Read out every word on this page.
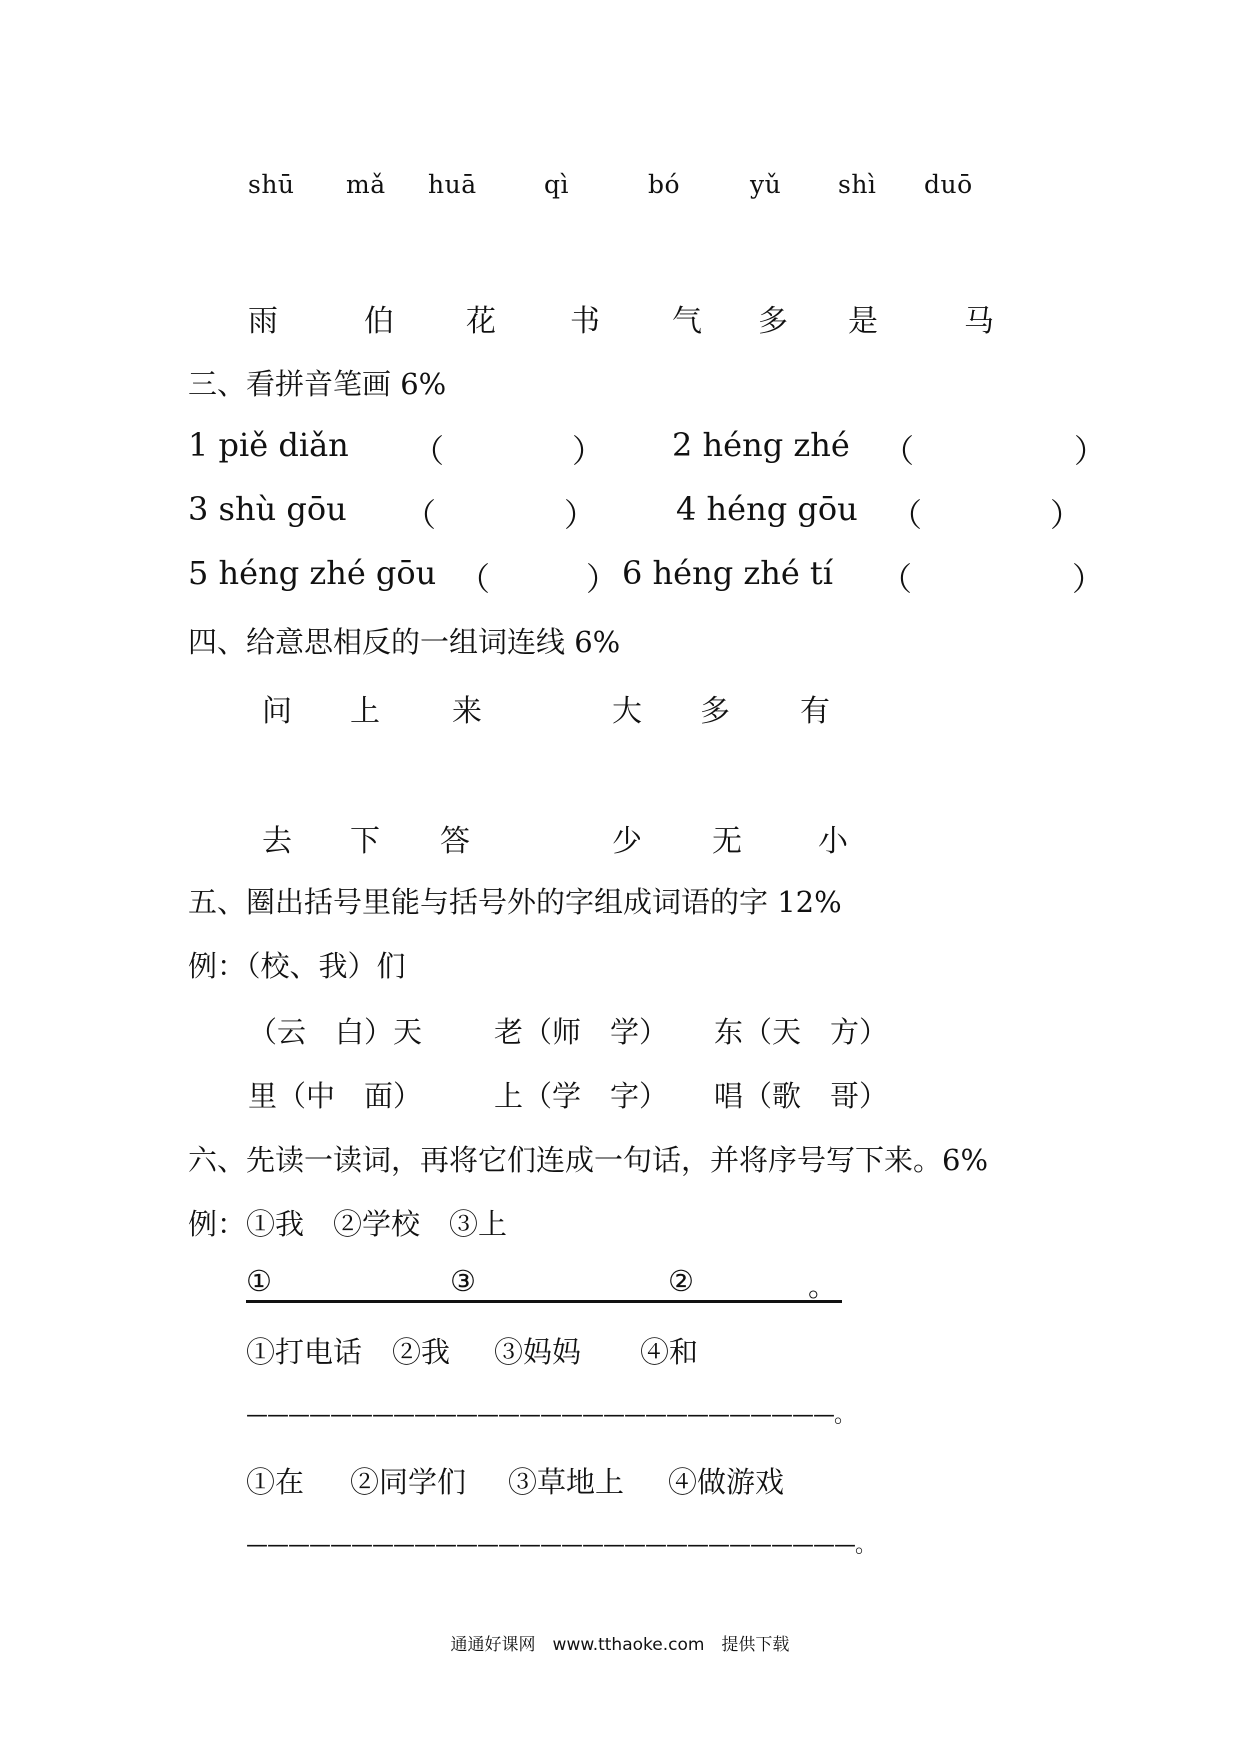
shū mǎ huā	qì	bó	yǔ shì duō
雨	伯 花 书 气 多 是	马
三、看拼音笔画 6%
1 piě diǎn （　　　　） 2 héng zhé （　　　　　）
3 shù gōu （　　　　） 4 héng gōu （　　　　）
5 héng zhé gōu （　　　） 6 héng zhé tí （　　　　　）
四、给意思相反的一组词连线 6%
问 上 来	大 多 有
去 下 答	少 无	小
五、圈出括号里能与括号外的字组成词语的字 12%
例：（校、我）们
（云　白）天 老（师　学） 东（天　方）
里（中　面） 上（学　字） 唱（歌　哥）
六、先读一读词，再将它们连成一句话，并将序号写下来。6%
例：①我　②学校　③上
①	③	②	。
①打电话 ②我 ③妈妈 ④和
————————————————————————————。
①在 ②同学们 ③草地上 ④做游戏
—————————————————————————————。
通通好课网　www.tthaoke.com　提供下载
